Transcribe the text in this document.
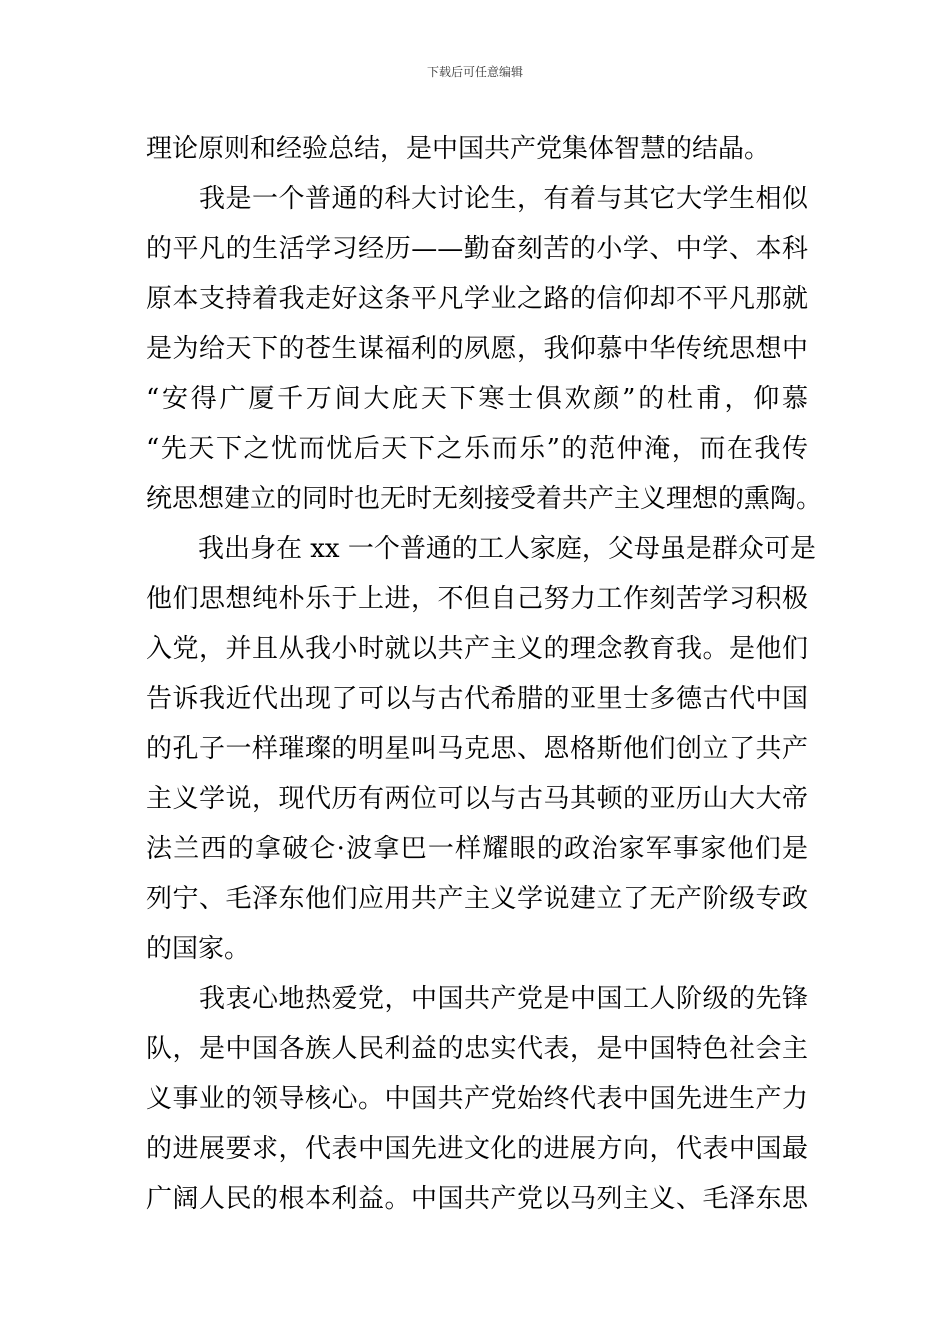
下载后可任意编辑
理论原则和经验总结，是中国共产党集体智慧的结晶。
　　我是一个普通的科大讨论生，有着与其它大学生相似
的平凡的生活学习经历——勤奋刻苦的小学、中学、本科
原本支持着我走好这条平凡学业之路的信仰却不平凡那就
是为给天下的苍生谋福利的夙愿，我仰慕中华传统思想中
“安得广厦千万间大庇天下寒士俱欢颜”的杜甫，仰慕
“先天下之忧而忧后天下之乐而乐”的范仲淹，而在我传
统思想建立的同时也无时无刻接受着共产主义理想的熏陶。
　　我出身在 xx 一个普通的工人家庭，父母虽是群众可是
他们思想纯朴乐于上进，不但自己努力工作刻苦学习积极
入党，并且从我小时就以共产主义的理念教育我。是他们
告诉我近代出现了可以与古代希腊的亚里士多德古代中国
的孔子一样璀璨的明星叫马克思、恩格斯他们创立了共产
主义学说，现代历有两位可以与古马其顿的亚历山大大帝
法兰西的拿破仑·波拿巴一样耀眼的政治家军事家他们是
列宁、毛泽东他们应用共产主义学说建立了无产阶级专政
的国家。
　　我衷心地热爱党，中国共产党是中国工人阶级的先锋
队，是中国各族人民利益的忠实代表，是中国特色社会主
义事业的领导核心。中国共产党始终代表中国先进生产力
的进展要求，代表中国先进文化的进展方向，代表中国最
广阔人民的根本利益。中国共产党以马列主义、毛泽东思
